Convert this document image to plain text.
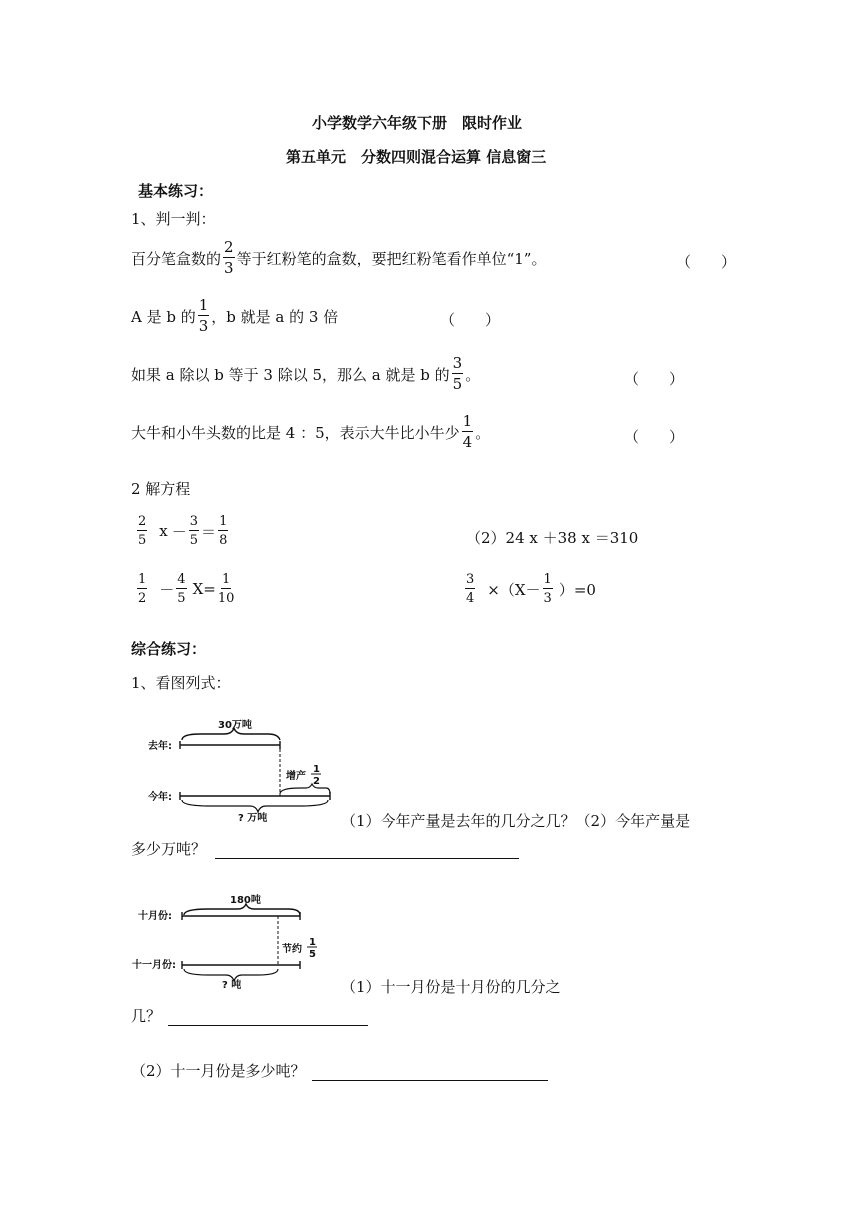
小学数学六年级下册　限时作业
第五单元　分数四则混合运算 信息窗三
基本练习：
1、判一判：
百分笔盒数的 $\frac{2}{3}$ 等于红粉笔的盒数，要把红粉笔看作单位“1”。	（　　）
A 是 b 的 $\frac{1}{3}$ ，b 就是 a 的 3 倍	（　　）
如果 a 除以 b 等于 3 除以 5，那么 a 就是 b 的 $\frac{3}{5}$ 。	（　　）
大牛和小牛头数的比是 4 ：5，表示大牛比小牛少 $\frac{1}{4}$ 。	（　　）
2 解方程
$\frac{2}{5}$ $x - \frac{3}{5} = \frac{1}{8}$	（2）24 x ＋38 x ＝310
$\frac{1}{2} - \frac{4}{5} X= \frac{1}{10}$	$\frac{3}{4} \times(X- \frac{1}{3} )=0$
综合练习：
1、看图列式：
30万吨
去年:
增产
1
2
今年:
? 万吨	（1）今年产量是去年的几分之几？（2）今年产量是
多少万吨？
180吨
十月份:
节约
1
5
十一月份:
? 吨	（1）十一月份是十月份的几分之
几？
（2）十一月份是多少吨？
